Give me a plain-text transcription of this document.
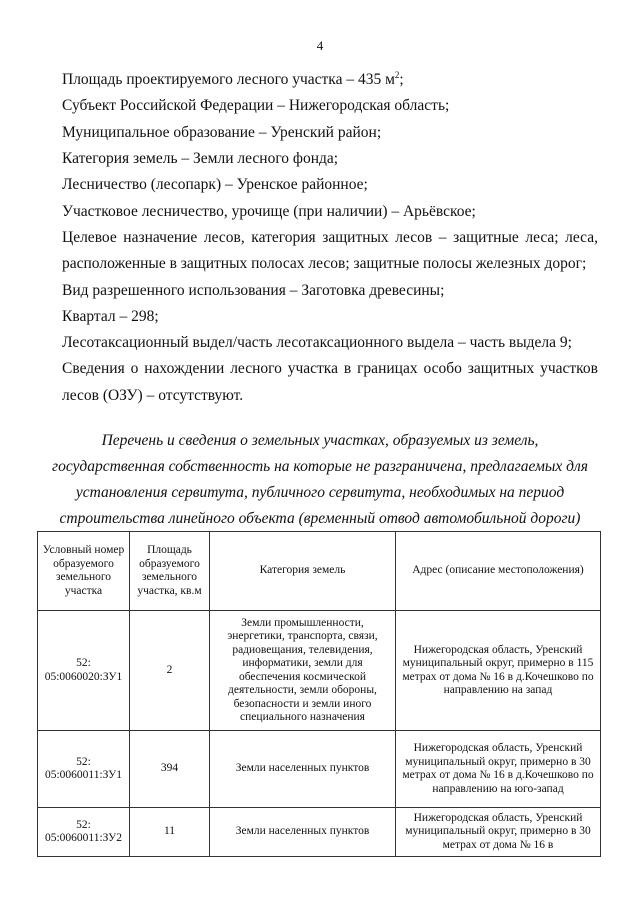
4
Площадь проектируемого лесного участка – 435 $м^2$;
Субъект Российской Федерации – Нижегородская область;
Муниципальное образование – Уренский район;
Категория земель – Земли лесного фонда;
Лесничество (лесопарк) – Уренское районное;
Участковое лесничество, урочище (при наличии) – Арьёвское;
Целевое назначение лесов, категория защитных лесов – защитные леса; леса,
расположенные в защитных полосах лесов; защитные полосы железных дорог;
Вид разрешенного использования – Заготовка древесины;
Квартал – 298;
Лесотаксационный выдел/часть лесотаксационного выдела – часть выдела 9;
Сведения о нахождении лесного участка в границах особо защитных участков
лесов (ОЗУ) – отсутствуют.
Перечень и сведения о земельных участках, образуемых из земель,
государственная собственность на которые не разграничена, предлагаемых для
установления сервитута, публичного сервитута, необходимых на период
строительства линейного объекта (временный отвод автомобильной дороги)
Условный номер образуемого земельного участка	Площадь образуемого земельного участка, кв.м	Категория земель	Адрес (описание местоположения)
52:
05:0060020:ЗУ1	2	Земли промышленности, энергетики, транспорта, связи, радиовещания, телевидения, информатики, земли для обеспечения космической деятельности, земли обороны, безопасности и земли иного специального назначения	Нижегородская область, Уренский муниципальный округ, примерно в 115 метрах от дома № 16 в д.Кочешково по направлению на запад
52:
05:0060011:ЗУ1	394	Земли населенных пунктов	Нижегородская область, Уренский муниципальный округ, примерно в 30 метрах от дома № 16 в д.Кочешково по направлению на юго-запад
52:
05:0060011:ЗУ2	11	Земли населенных пунктов	Нижегородская область, Уренский муниципальный округ, примерно в 30 метрах от дома № 16 в
